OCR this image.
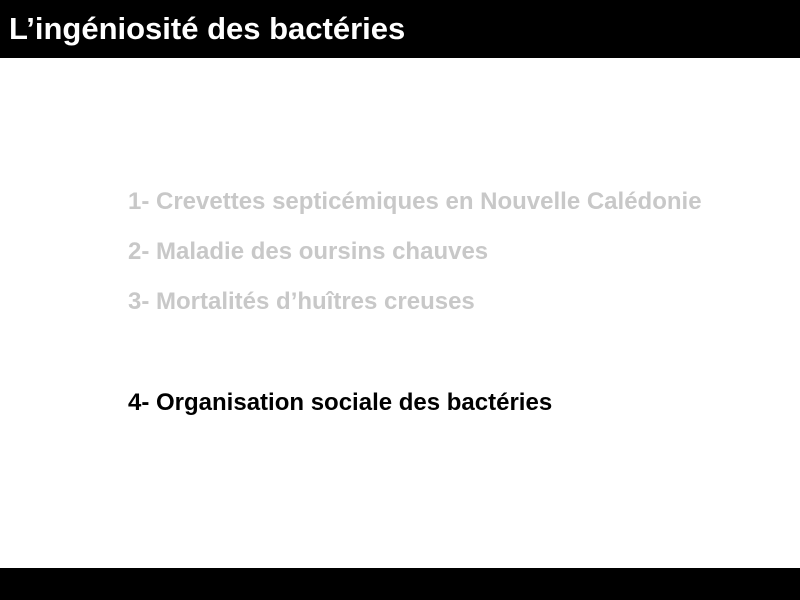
L’ingéniosité des bactéries
1- Crevettes septicémiques en Nouvelle Calédonie
2- Maladie des oursins chauves
3- Mortalités d’huîtres creuses
4- Organisation sociale des bactéries
